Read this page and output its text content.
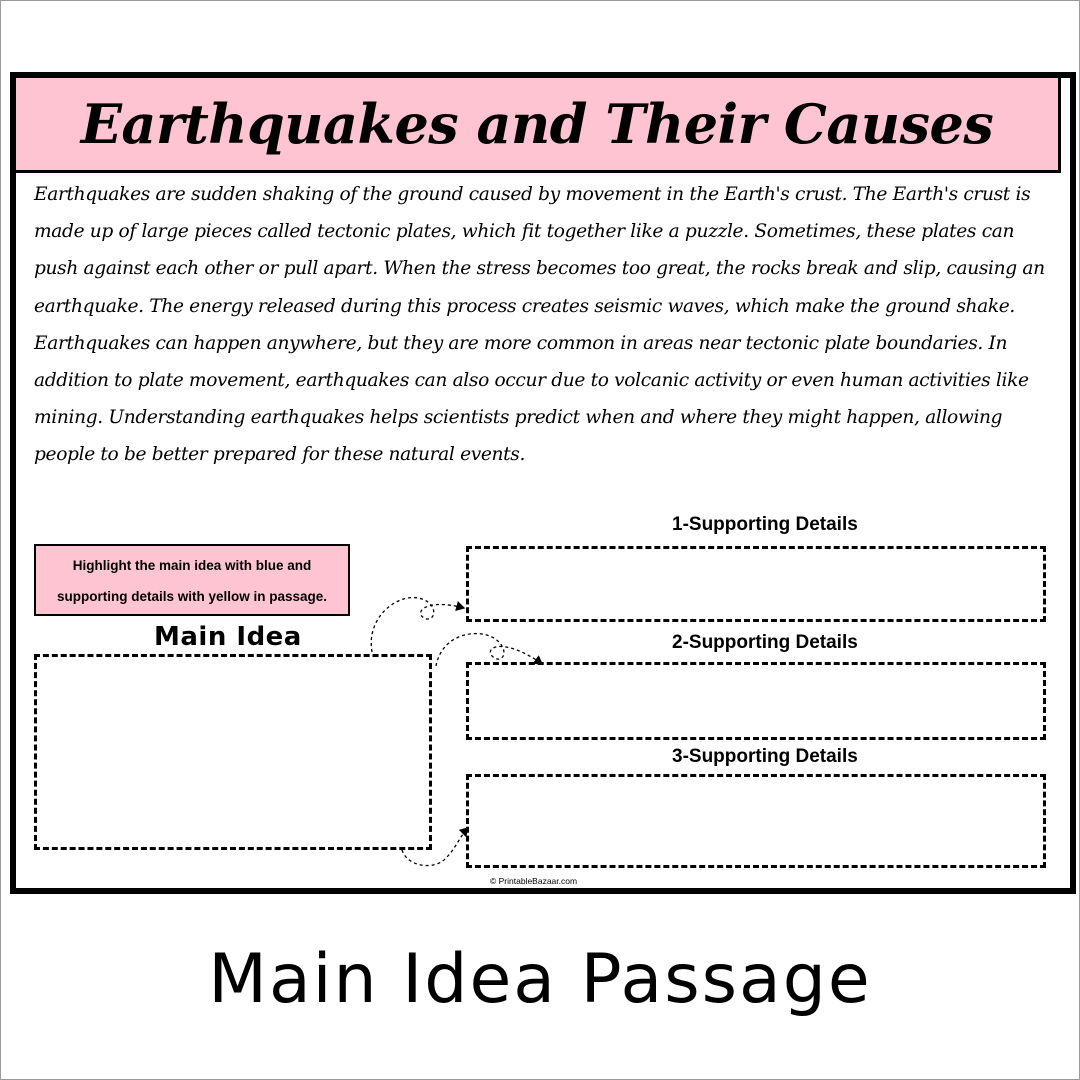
Earthquakes and Their Causes

Earthquakes are sudden shaking of the ground caused by movement in the Earth's crust. The Earth's crust is made up of large pieces called tectonic plates, which fit together like a puzzle. Sometimes, these plates can push against each other or pull apart. When the stress becomes too great, the rocks break and slip, causing an earthquake. The energy released during this process creates seismic waves, which make the ground shake. Earthquakes can happen anywhere, but they are more common in areas near tectonic plate boundaries. In addition to plate movement, earthquakes can also occur due to volcanic activity or even human activities like mining. Understanding earthquakes helps scientists predict when and where they might happen, allowing people to be better prepared for these natural events.

Highlight the main idea with blue and
supporting details with yellow in passage.
Main Idea
1-Supporting Details
2-Supporting Details
3-Supporting Details
© PrintableBazaar.com
Main Idea Passage
